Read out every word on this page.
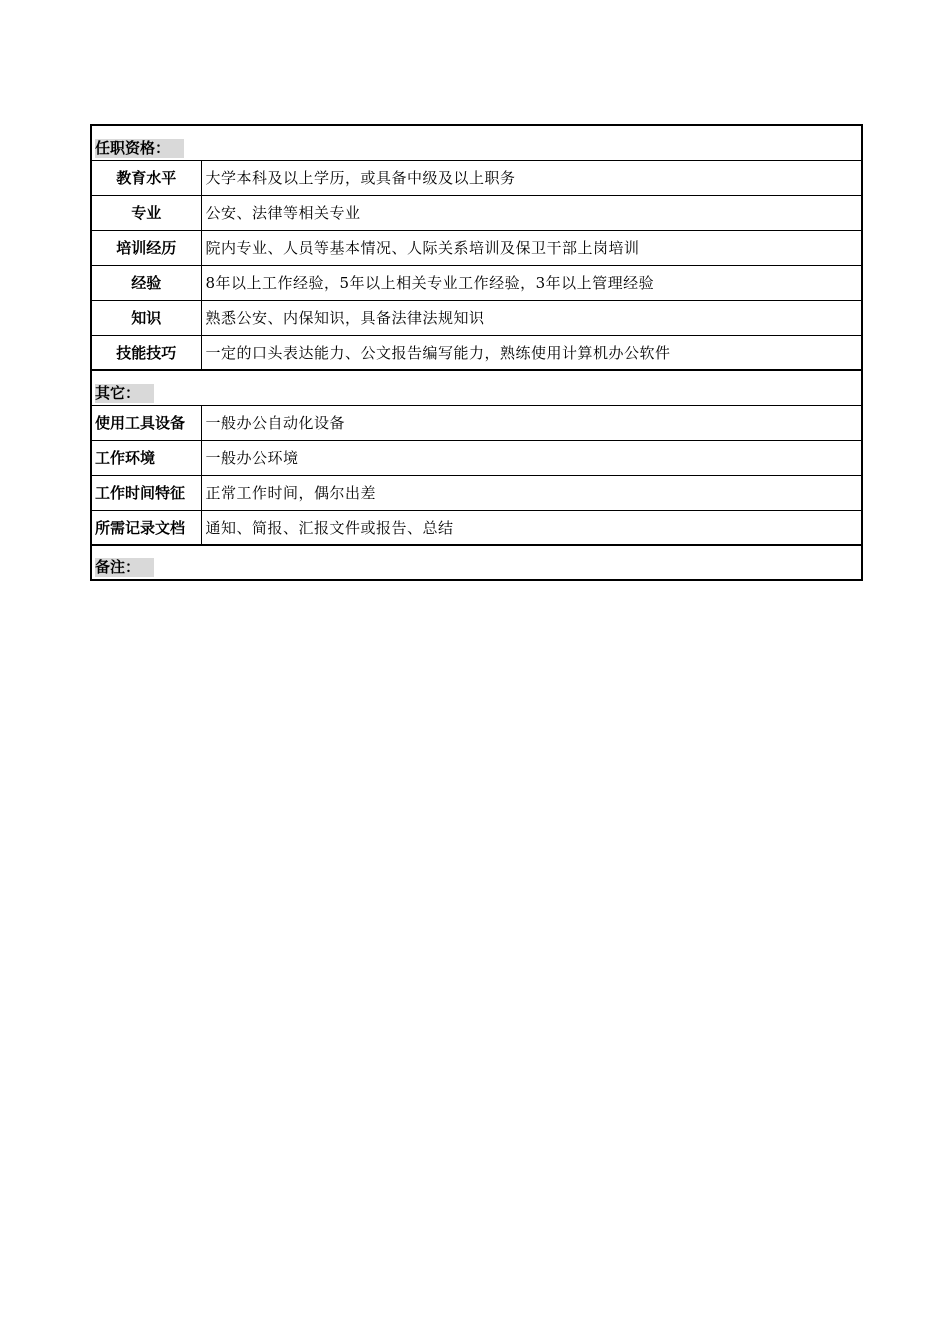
任职资格：	
教育水平	大学本科及以上学历，或具备中级及以上职务
专业	公安、法律等相关专业
培训经历	院内专业、人员等基本情况、人际关系培训及保卫干部上岗培训
经验	8年以上工作经验，5年以上相关专业工作经验，3年以上管理经验
知识	熟悉公安、内保知识，具备法律法规知识
技能技巧	一定的口头表达能力、公文报告编写能力，熟练使用计算机办公软件
其它：	
使用工具设备	一般办公自动化设备
工作环境	一般办公环境
工作时间特征	正常工作时间，偶尔出差
所需记录文档	通知、简报、汇报文件或报告、总结
备注：	
